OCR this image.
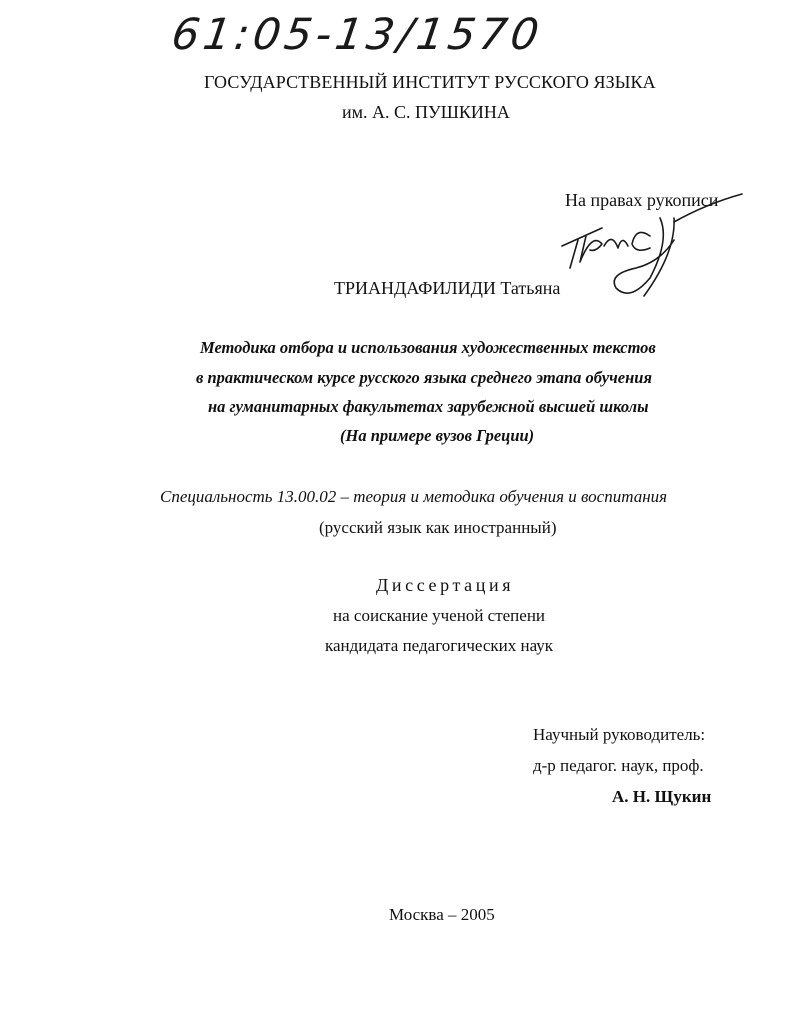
61:05-13/1570
ГОСУДАРСТВЕННЫЙ ИНСТИТУТ РУССКОГО ЯЗЫКА
им. А. С. ПУШКИНА
На правах рукописи
ТРИАНДАФИЛИДИ Татьяна
Методика отбора и использования художественных текстов
в практическом курсе русского языка среднего этапа обучения
на гуманитарных факультетах зарубежной высшей школы
(На примере вузов Греции)
Специальность 13.00.02 – теория и методика обучения и воспитания
(русский язык как иностранный)
Диссертация
на соискание ученой степени
кандидата педагогических наук
Научный руководитель:
д-р педагог. наук, проф.
А. Н. Щукин
Москва – 2005
